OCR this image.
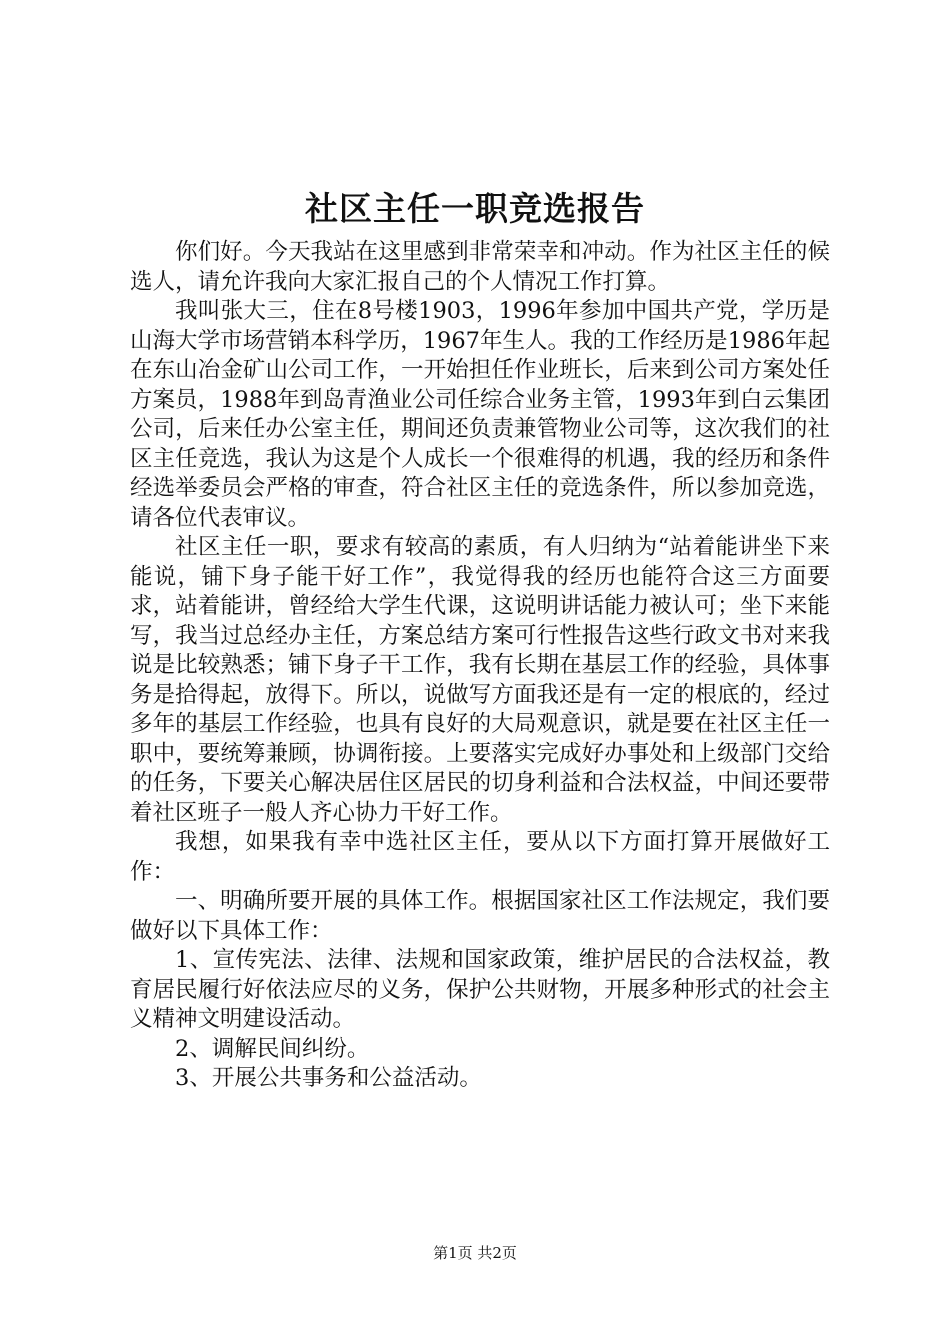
社区主任一职竞选报告

你们好。今天我站在这里感到非常荣幸和冲动。作为社区主任的候选人，请允许我向大家汇报自己的个人情况工作打算。

我叫张大三，住在8号楼1903，1996年参加中国共产党，学历是山海大学市场营销本科学历，1967年生人。我的工作经历是1986年起在东山冶金矿山公司工作，一开始担任作业班长，后来到公司方案处任方案员，1988年到岛青渔业公司任综合业务主管，1993年到白云集团公司，后来任办公室主任，期间还负责兼管物业公司等，这次我们的社区主任竞选，我认为这是个人成长一个很难得的机遇，我的经历和条件经选举委员会严格的审查，符合社区主任的竞选条件，所以参加竞选，请各位代表审议。

社区主任一职，要求有较高的素质，有人归纳为“站着能讲坐下来能说，铺下身子能干好工作”，我觉得我的经历也能符合这三方面要求，站着能讲，曾经给大学生代课，这说明讲话能力被认可；坐下来能写，我当过总经办主任，方案总结方案可行性报告这些行政文书对来我说是比较熟悉；铺下身子干工作，我有长期在基层工作的经验，具体事务是拾得起，放得下。所以，说做写方面我还是有一定的根底的，经过多年的基层工作经验，也具有良好的大局观意识，就是要在社区主任一职中，要统筹兼顾，协调衔接。上要落实完成好办事处和上级部门交给的任务，下要关心解决居住区居民的切身利益和合法权益，中间还要带着社区班子一般人齐心协力干好工作。

我想，如果我有幸中选社区主任，要从以下方面打算开展做好工作：

一、明确所要开展的具体工作。根据国家社区工作法规定，我们要做好以下具体工作：

1、宣传宪法、法律、法规和国家政策，维护居民的合法权益，教育居民履行好依法应尽的义务，保护公共财物，开展多种形式的社会主义精神文明建设活动。

2、调解民间纠纷。

3、开展公共事务和公益活动。

第1页 共2页
